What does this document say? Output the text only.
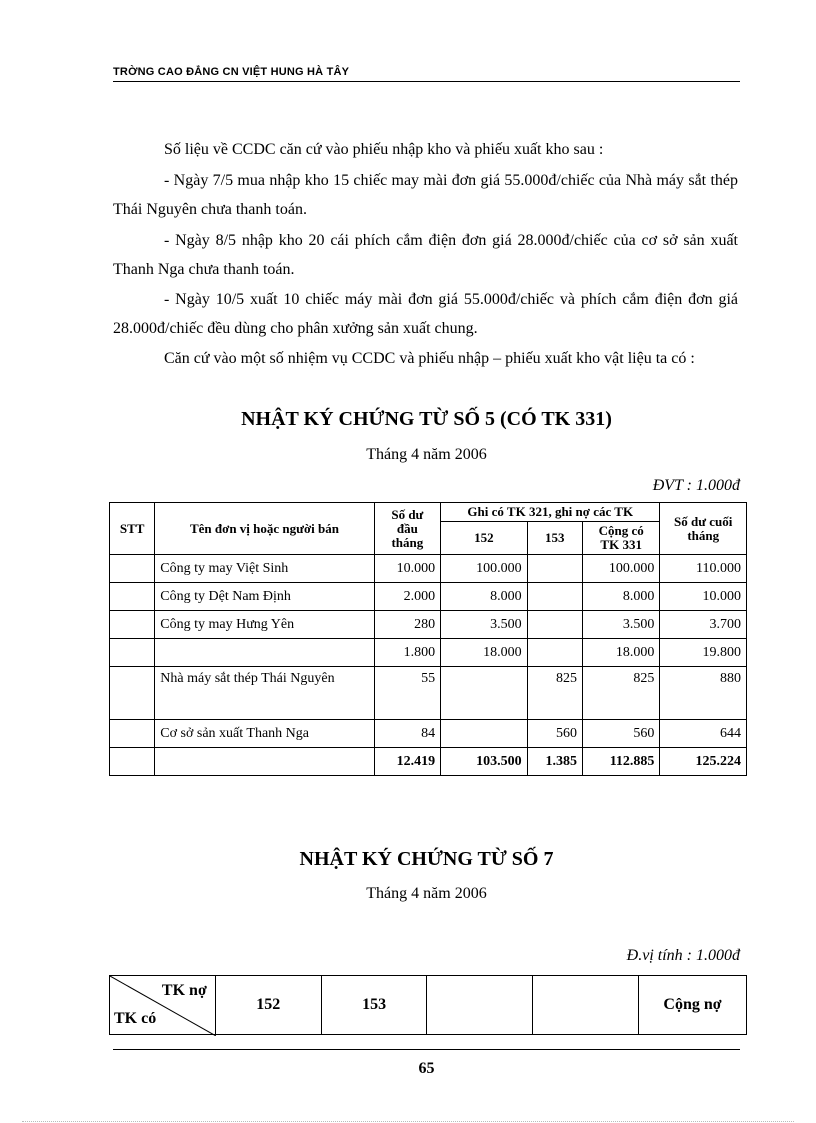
TRỜNG CAO ĐẲNG CN VIỆT HUNG HÀ TÂY

Số liệu về CCDC căn cứ vào phiếu nhập kho và phiếu xuất kho sau :

- Ngày 7/5 mua nhập kho 15 chiếc may mài đơn giá 55.000đ/chiếc của Nhà máy sắt thép Thái Nguyên chưa thanh toán.

- Ngày 8/5 nhập kho 20 cái phích cắm điện đơn giá 28.000đ/chiếc của cơ sở sản xuất Thanh Nga chưa thanh toán.

- Ngày 10/5 xuất 10 chiếc máy mài đơn giá 55.000đ/chiếc và phích cắm điện đơn giá 28.000đ/chiếc đều dùng cho phân xưởng sản xuất chung.

Căn cứ vào một số nhiệm vụ CCDC và phiếu nhập – phiếu xuất kho vật liệu ta có :

NHẬT KÝ CHỨNG TỪ SỐ 5 (CÓ TK 331)

Tháng 4 năm 2006

ĐVT : 1.000đ

STT	Tên đơn vị hoặc người bán	Số dư đầu tháng	Ghi có TK 321, ghi nợ các TK			Số dư cuối tháng
			152	153	Cộng có TK 331	
	Công ty may Việt Sinh	10.000	100.000		100.000	110.000
	Công ty Dệt Nam Định	2.000	8.000		8.000	10.000
	Công ty may Hưng Yên	280	3.500		3.500	3.700
		1.800	18.000		18.000	19.800
	Nhà máy sắt thép Thái Nguyên	55		825	825	880
	Cơ sở sản xuất Thanh Nga	84		560	560	644
		12.419	103.500	1.385	112.885	125.224

NHẬT KÝ CHỨNG TỪ SỐ 7

Tháng 4 năm 2006

Đ.vị tính : 1.000đ

TK nợ
TK có
	152	153			Cộng nợ
65
